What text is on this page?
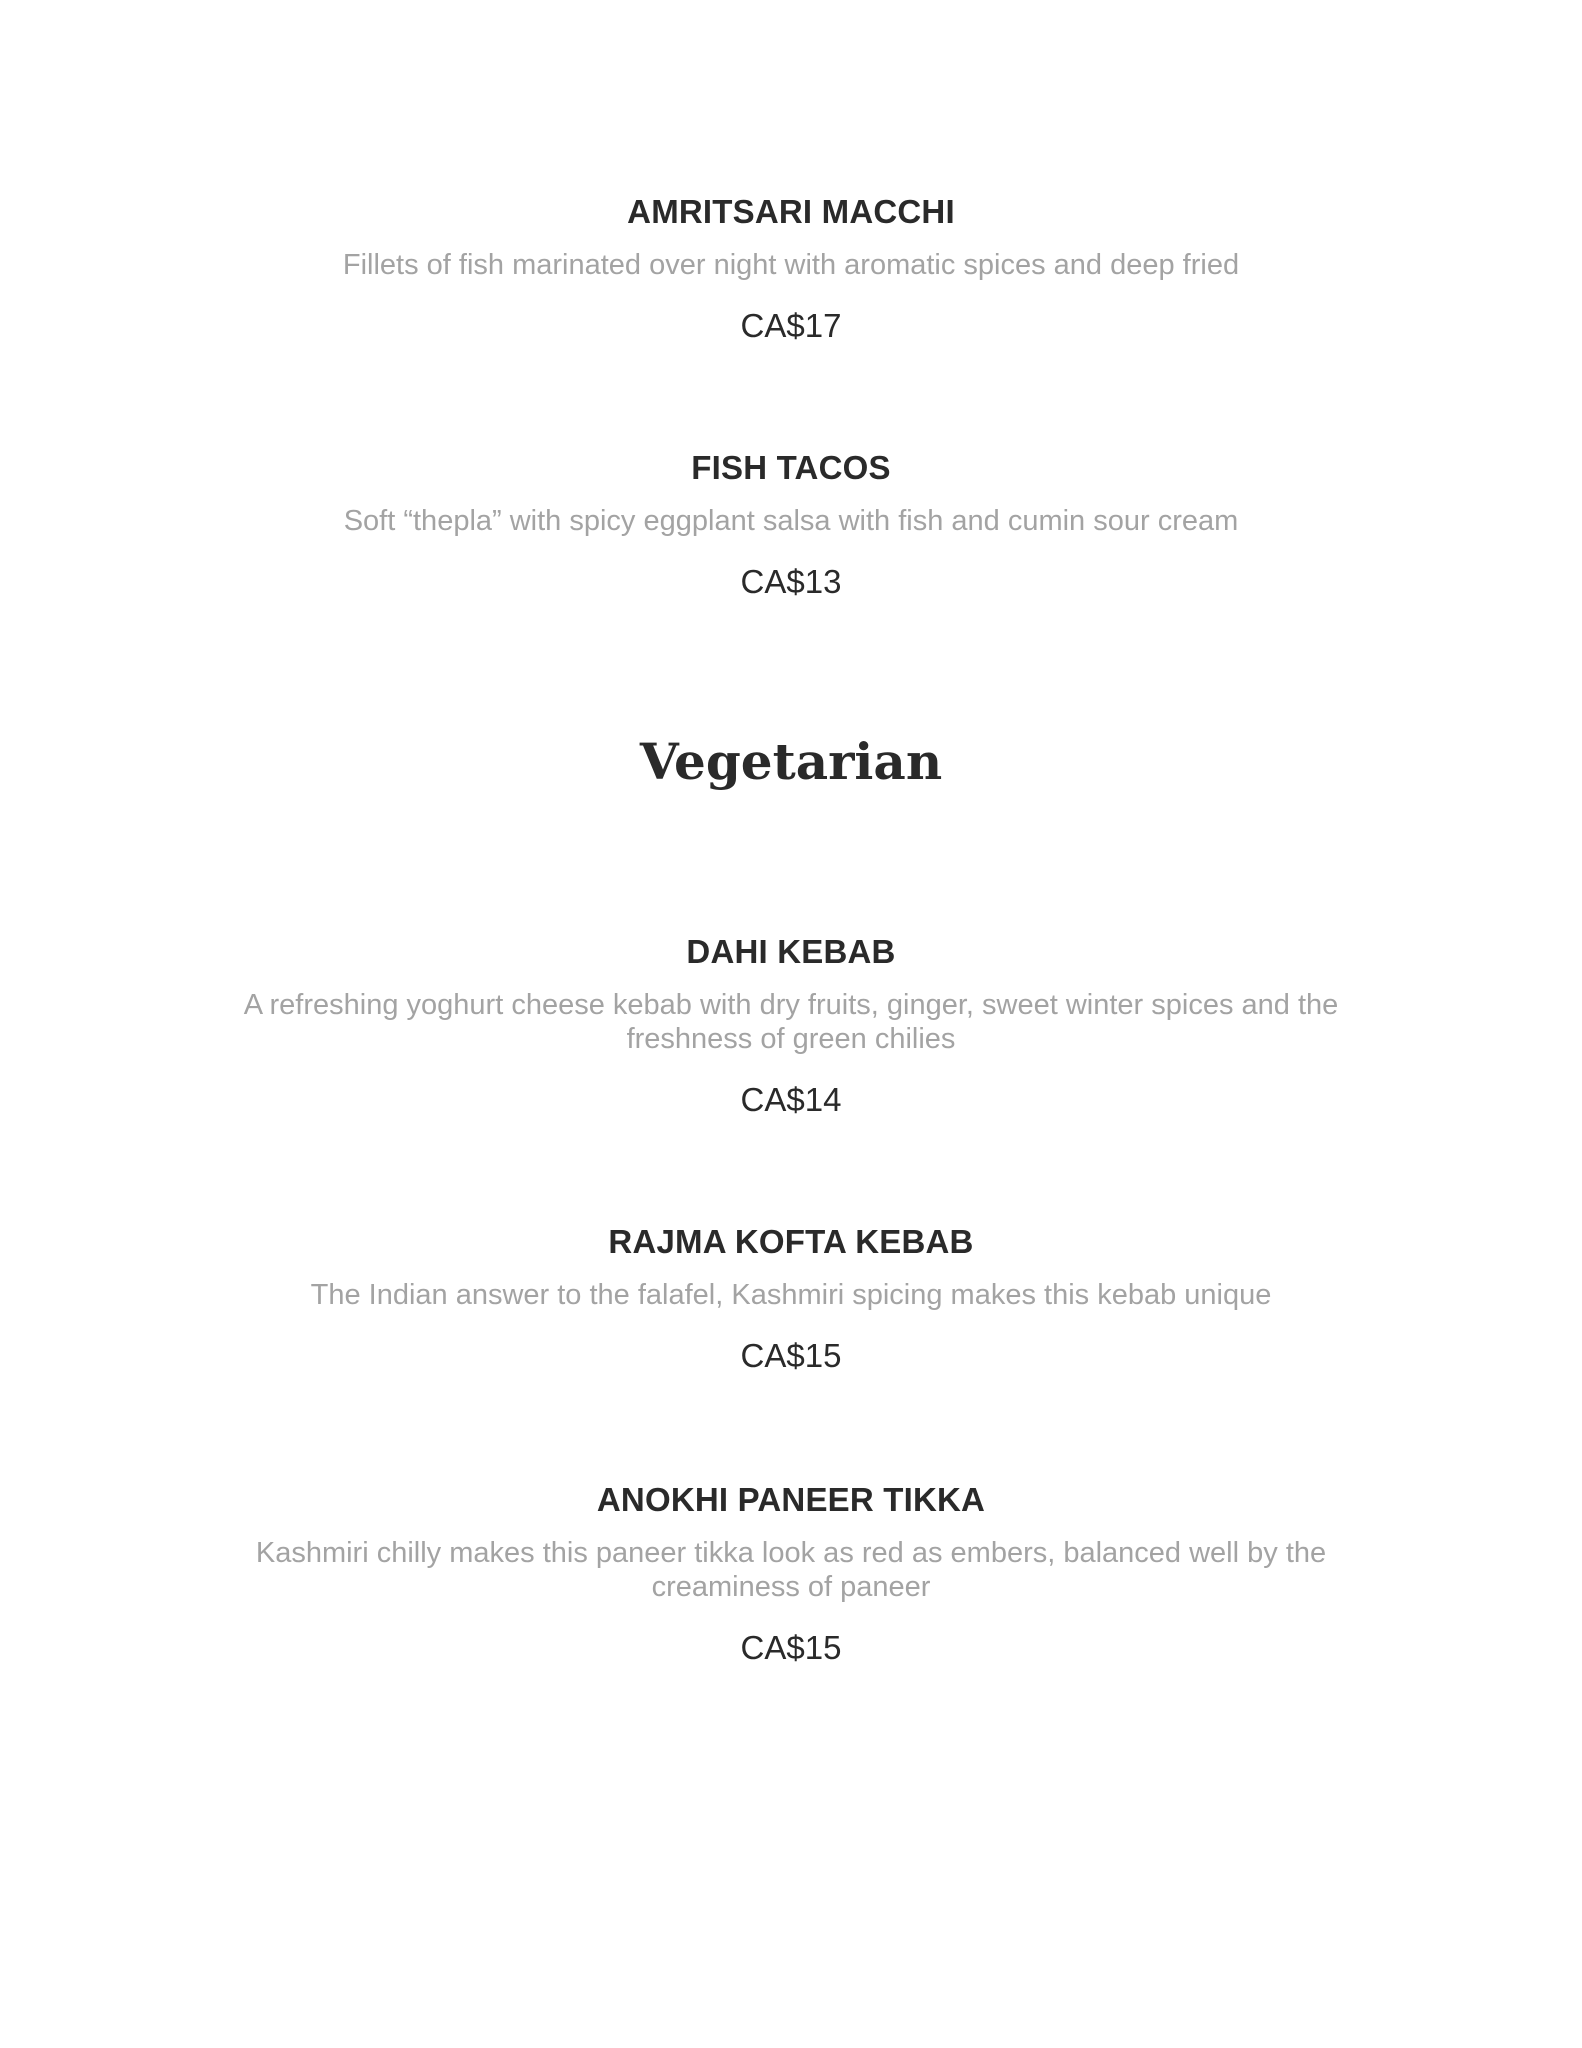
AMRITSARI MACCHI

Fillets of fish marinated over night with aromatic spices and deep fried

CA$17
FISH TACOS

Soft “thepla” with spicy eggplant salsa with fish and cumin sour cream

CA$13
Vegetarian
DAHI KEBAB

A refreshing yoghurt cheese kebab with dry fruits, ginger, sweet winter spices and the freshness of green chilies

CA$14
RAJMA KOFTA KEBAB

The Indian answer to the falafel, Kashmiri spicing makes this kebab unique

CA$15
ANOKHI PANEER TIKKA

Kashmiri chilly makes this paneer tikka look as red as embers, balanced well by the creaminess of paneer

CA$15
